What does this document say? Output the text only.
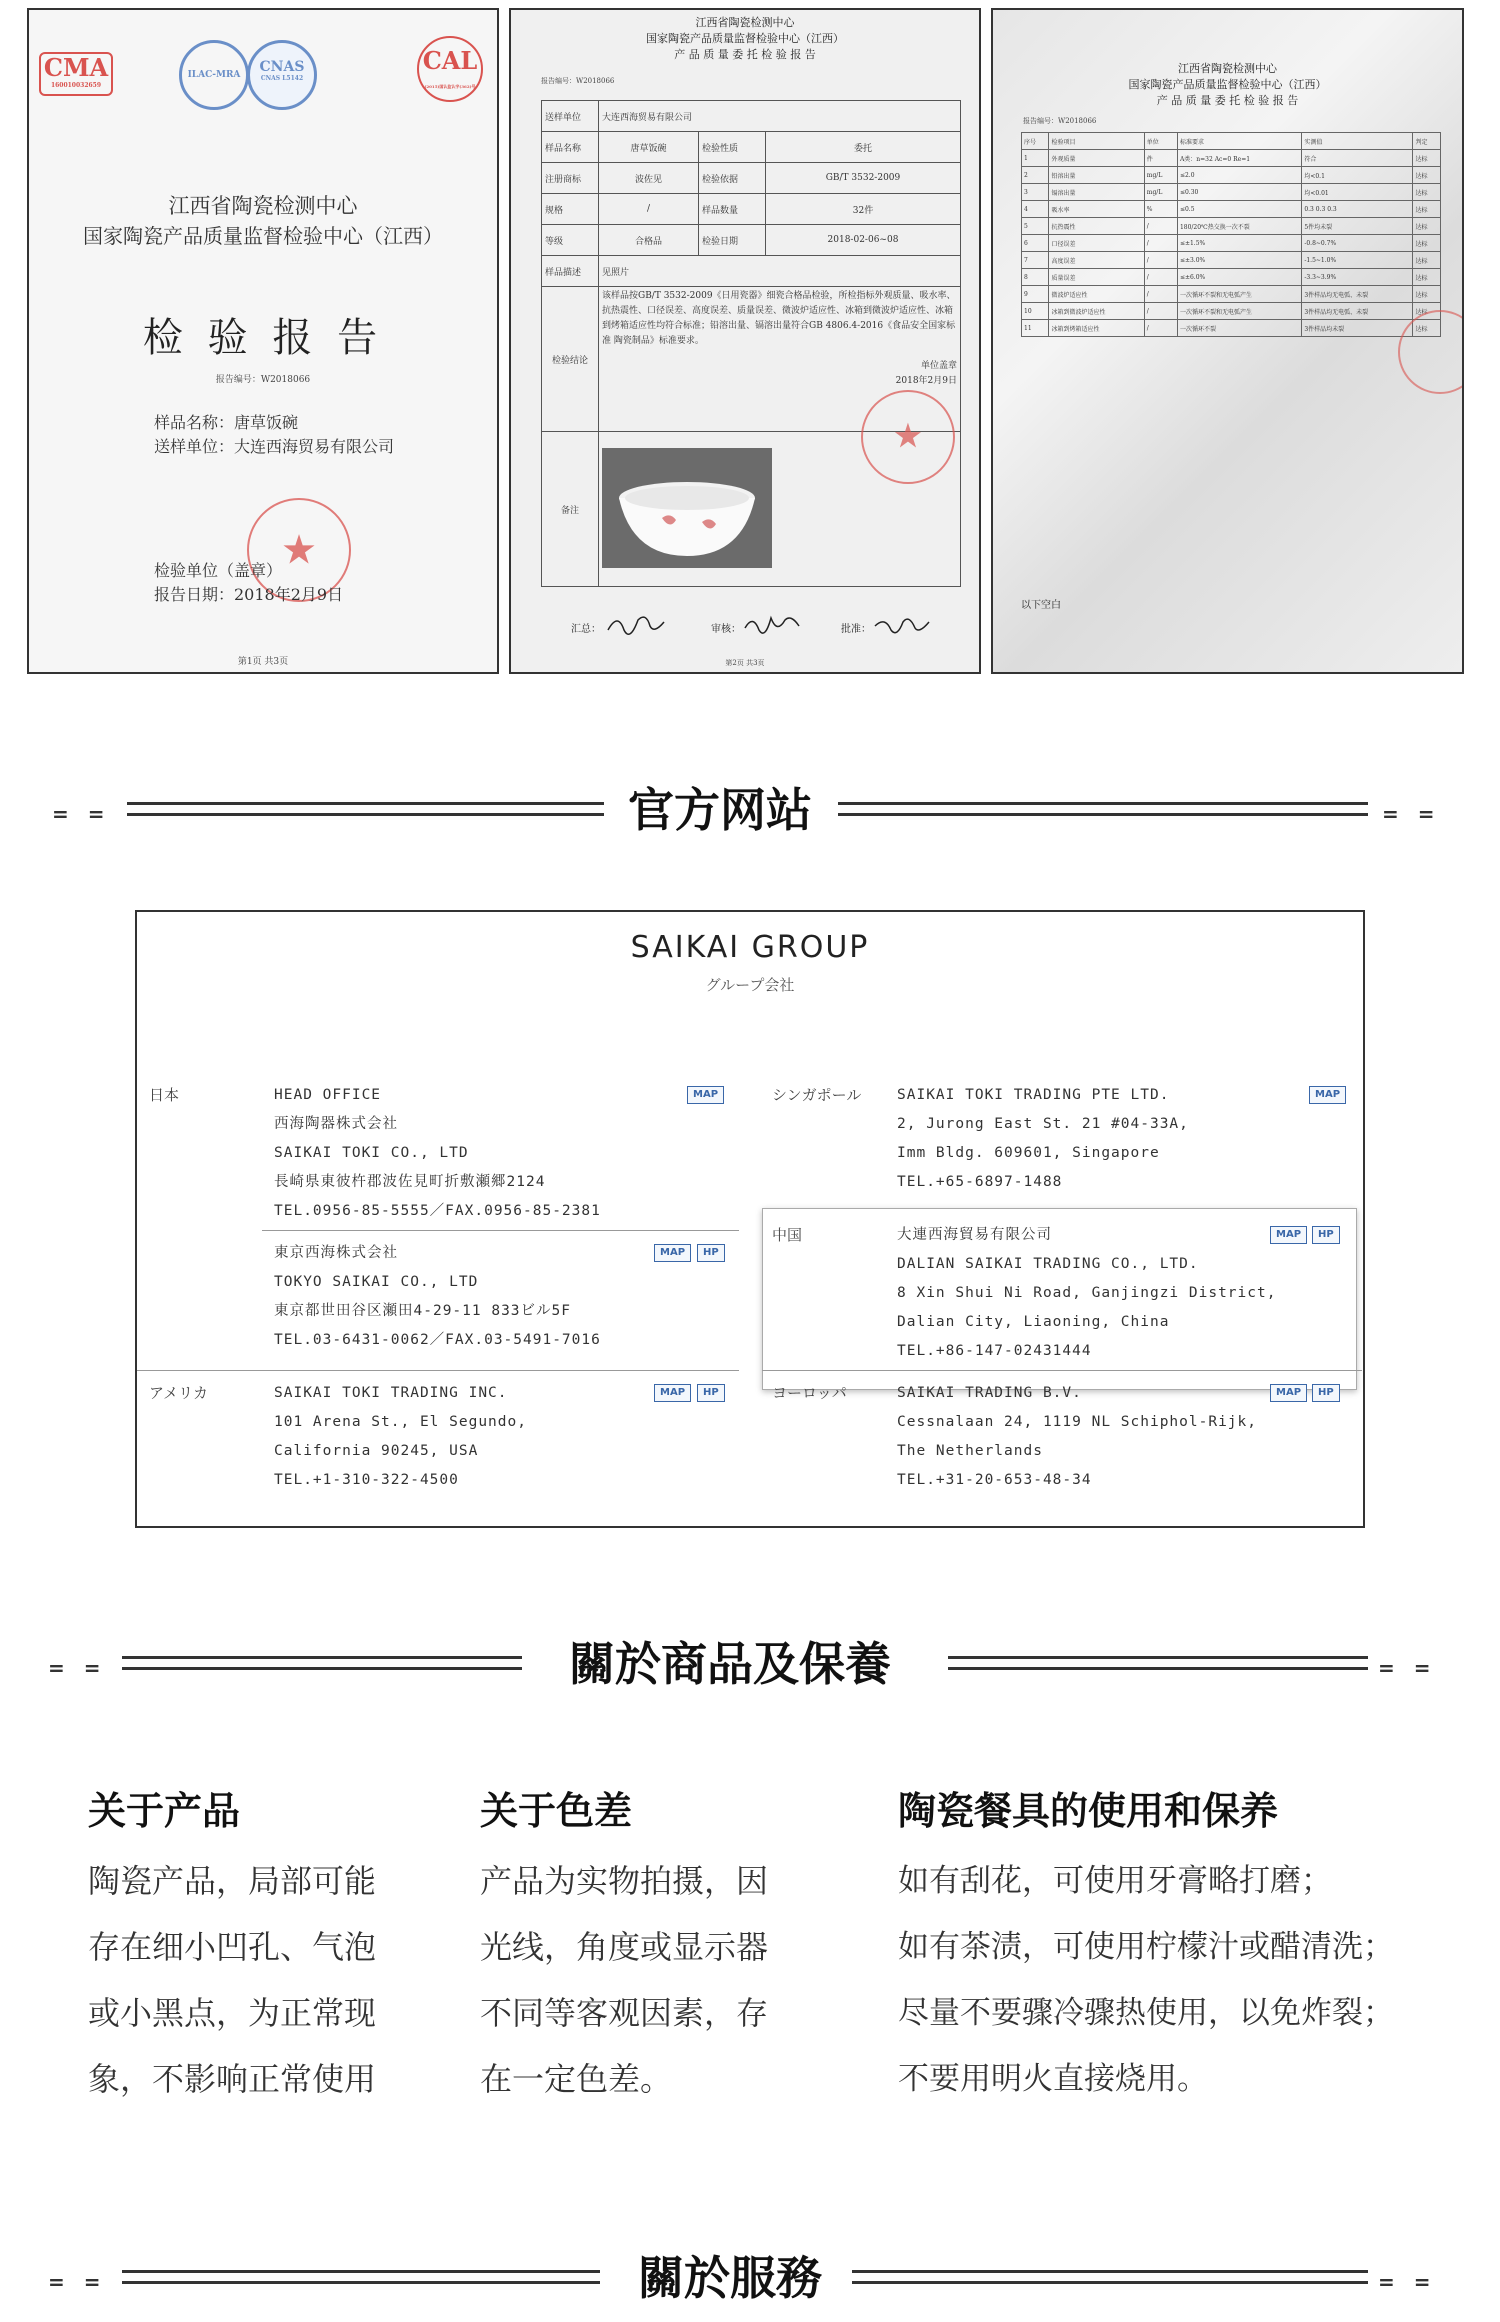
CMA
160010032659
ILAC-MRA	CNAS
CNAS L5142
CAL
(2015)国认监认字(362)号
江西省陶瓷检测中心
国家陶瓷产品质量监督检验中心（江西）
检 验 报 告
报告编号：W2018066
样品名称：唐草饭碗
送样单位：大连西海贸易有限公司
★
检验单位（盖章）
报告日期：2018年2月9日
第1页 共3页
江西省陶瓷检测中心
国家陶瓷产品质量监督检验中心（江西）
产 品 质 量 委 托 检 验 报 告
报告编号：W2018066
送样单位	大连西海贸易有限公司		
样品名称	唐草饭碗	检验性质	委托
注册商标	波佐见	检验依据	GB/T 3532-2009
规格	/	样品数量	32件
等级	合格品	检验日期	2018-02-06~08
样品描述	见照片		
检验结论	该样品按GB/T 3532-2009《日用瓷器》细瓷合格品检验，所检指标外观质量、吸水率、抗热震性、口径误差、高度误差、质量误差、微波炉适应性、冰箱到微波炉适应性、冰箱到烤箱适应性均符合标准；铅溶出量、镉溶出量符合GB 4806.4-2016《食品安全国家标准 陶瓷制品》标准要求。
单位盖章
2018年2月9日		

备注	
★
汇总：	审核：	批准：
第2页 共3页
江西省陶瓷检测中心
国家陶瓷产品质量监督检验中心（江西）
产 品 质 量 委 托 检 验 报 告
报告编号：W2018066
序号	检验项目	单位	标准要求	实测值	判定
1	外观质量	件	A类：n=32 Ac=0 Re=1	符合	达标
2	铅溶出量	mg/L	≤2.0	均<0.1	达标
3	镉溶出量	mg/L	≤0.30	均<0.01	达标
4	吸水率	%	≤0.5	0.3 0.3 0.3	达标
5	抗热震性	/	180/20℃热交换一次不裂	5件均未裂	达标
6	口径误差	/	≤±1.5%	-0.8~0.7%	达标
7	高度误差	/	≤±3.0%	-1.5~1.0%	达标
8	质量误差	/	≤±6.0%	-3.3~3.9%	达标
9	微波炉适应性	/	一次循环不裂和无电弧产生	3件样品均无电弧、未裂	达标
10	冰箱到微波炉适应性	/	一次循环不裂和无电弧产生	3件样品均无电弧、未裂	达标
11	冰箱到烤箱适应性	/	一次循环不裂	3件样品均未裂	达标
以下空白
= =	官方网站	= =
SAIKAI GROUP
グループ会社
日本	HEAD OFFICE
西海陶器株式会社
SAIKAI TOKI CO., LTD
長崎県東彼杵郡波佐見町折敷瀬郷2124
TEL.0956-85-5555／FAX.0956-85-2381
MAP
東京西海株式会社
TOKYO SAIKAI CO., LTD
東京都世田谷区瀬田4-29-11 833ビル5F
TEL.03-6431-0062／FAX.03-5491-7016
MAP	HP
アメリカ	SAIKAI TOKI TRADING INC.
101 Arena St., El Segundo,
California 90245, USA
TEL.+1-310-322-4500
MAP	HP
シンガポール SAIKAI TOKI TRADING PTE LTD.
2, Jurong East St. 21 #04-33A,
Imm Bldg. 609601, Singapore
TEL.+65-6897-1488
MAP
中国	大連西海貿易有限公司
DALIAN SAIKAI TRADING CO., LTD.
8 Xin Shui Ni Road, Ganjingzi District,
Dalian City, Liaoning, China
TEL.+86-147-02431444
MAP	HP
ヨーロッパ	SAIKAI TRADING B.V.
Cessnalaan 24, 1119 NL Schiphol-Rijk,
The Netherlands
TEL.+31-20-653-48-34
MAP	HP
= =	關於商品及保養	= =
关于产品
陶瓷产品，局部可能
存在细小凹孔、气泡
或小黑点，为正常现
象，不影响正常使用
关于色差
产品为实物拍摄，因
光线，角度或显示器
不同等客观因素，存
在一定色差。
陶瓷餐具的使用和保养
如有刮花，可使用牙膏略打磨；
如有茶渍，可使用柠檬汁或醋清洗；
尽量不要骤冷骤热使用，以免炸裂；
不要用明火直接烧用。
= =	關於服務	= =
